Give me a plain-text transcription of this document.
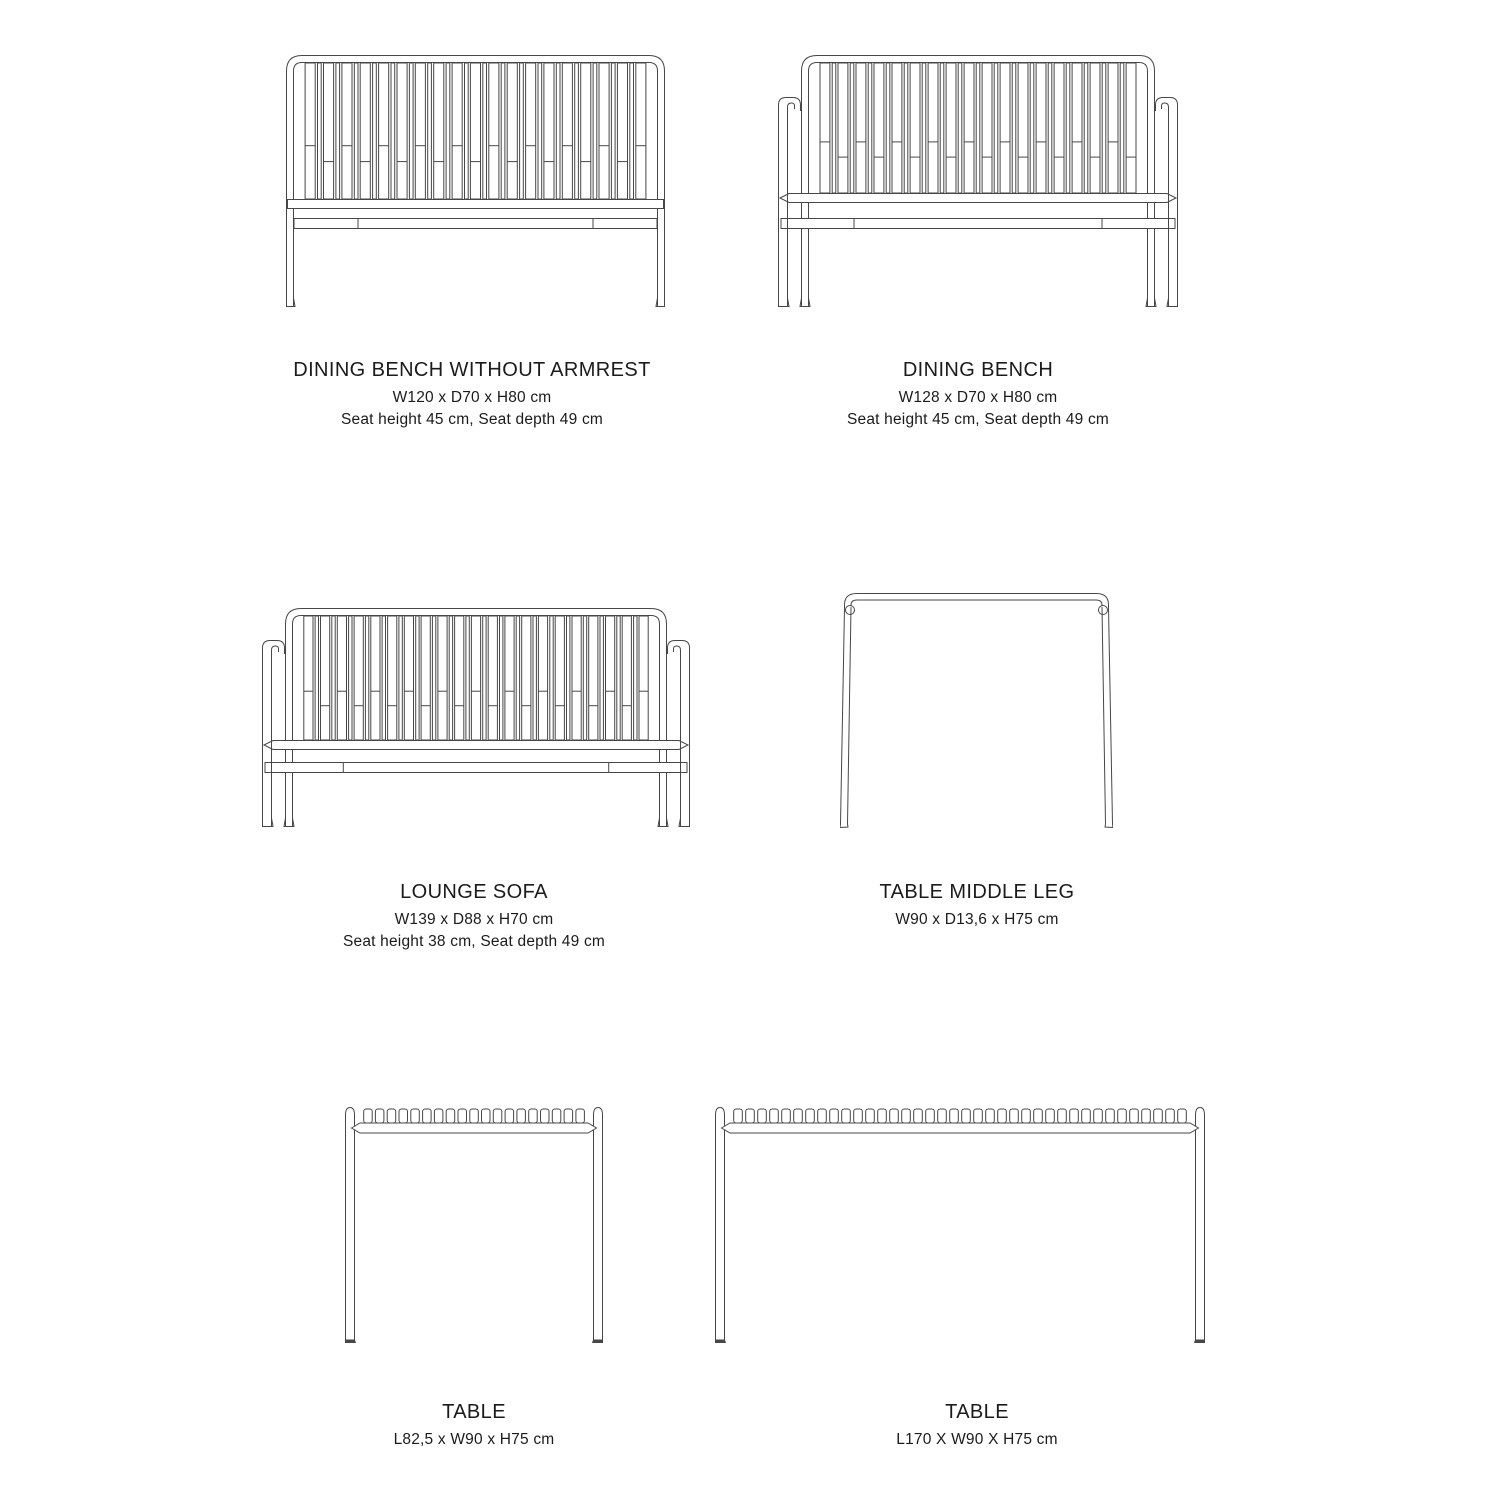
DINING BENCH WITHOUT ARMREST

W120 x D70 x H80 cm

Seat height 45 cm, Seat depth 49 cm

DINING BENCH

W128 x D70 x H80 cm

Seat height 45 cm, Seat depth 49 cm

LOUNGE SOFA

W139 x D88 x H70 cm

Seat height 38 cm, Seat depth 49 cm

TABLE MIDDLE LEG

W90 x D13,6 x H75 cm

TABLE

L82,5 x W90 x H75 cm

TABLE

L170 X W90 X H75 cm
